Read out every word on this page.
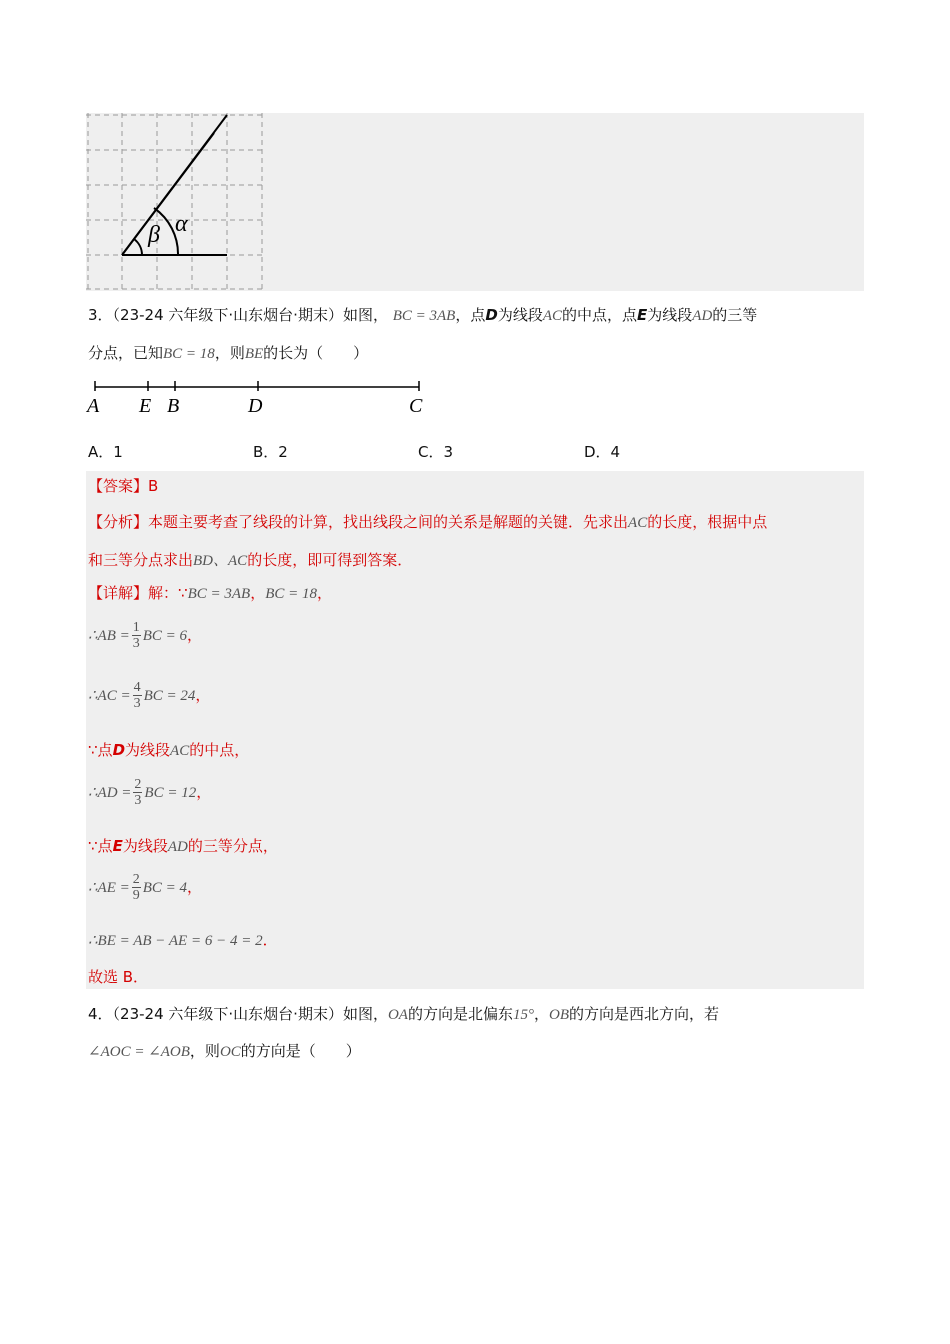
β α
3．（23-24 六年级下·山东烟台·期末）如图， BC = 3AB，点D为线段AC的中点，点E为线段AD的三等
分点，已知BC = 18，则BE的长为（　　）
A E B	D	C
A．1	B．2	C．3	D．4
【答案】B
【分析】本题主要考查了线段的计算，找出线段之间的关系是解题的关键．先求出AC的长度，根据中点
和三等分点求出BD、AC的长度，即可得到答案．
【详解】解：∵BC = 3AB，BC = 18，
∴AB = $\frac{1}{3}$ BC = 6，
∴AC = $\frac{4}{3}$ BC = 24，
∵点D为线段AC的中点，
∴AD = $\frac{2}{3}$ BC = 12，
∵点E为线段AD的三等分点，
∴AE = $\frac{2}{9}$ BC = 4，
∴BE = AB − AE = 6 − 4 = 2．
故选 B．
4．（23-24 六年级下·山东烟台·期末）如图，OA的方向是北偏东15°，OB的方向是西北方向，若
∠AOC = ∠AOB，则OC的方向是（　　）
